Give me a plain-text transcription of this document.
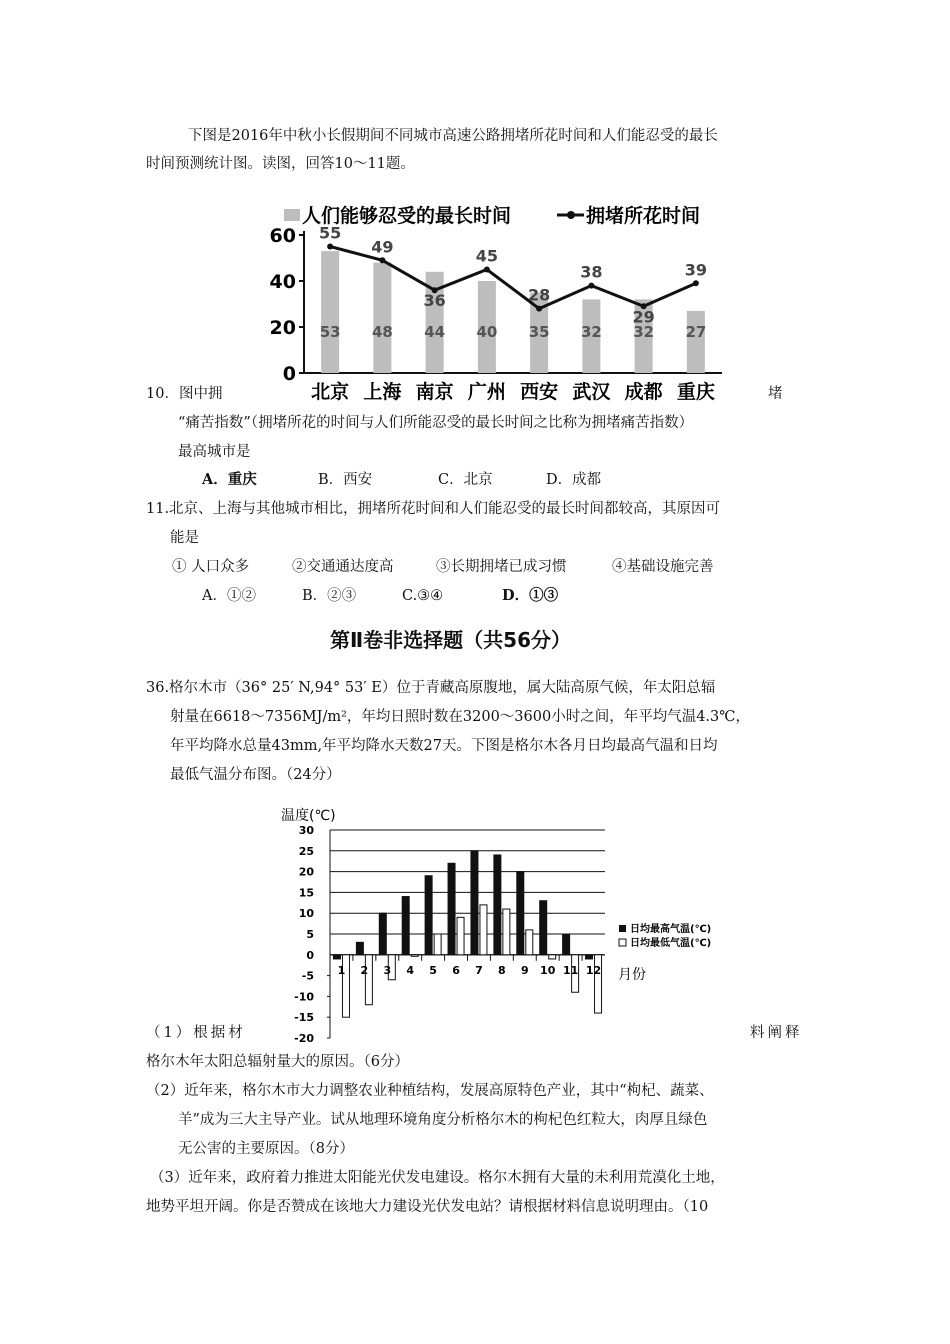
下图是2016年中秋小长假期间不同城市高速公路拥堵所花时间和人们能忍受的最长
时间预测统计图。读图，回答10～11题。
人们能够忍受的最长时间	拥堵所花时间
0
20
40
60
53
北京
48
上海
44
南京
40
广州
35
西安
32
武汉
32
成都
27
重庆
55
49
36
45
28
38
29
39
10．图中拥	堵
“痛苦指数”（拥堵所花的时间与人们所能忍受的最长时间之比称为拥堵痛苦指数）
最高城市是
A．重庆	B．西安	C．北京	D．成都
11.北京、上海与其他城市相比，拥堵所花时间和人们能忍受的最长时间都较高，其原因可
能是
① 人口众多	②交通通达度高	③长期拥堵已成习惯	④基础设施完善
A．①②	B．②③	C.③④	D．①③
第Ⅱ卷非选择题（共56分）
36.格尔木市（36° 25′ N,94° 53′ E）位于青藏高原腹地，属大陆高原气候，年太阳总辐
射量在6618～7356MJ/m²，年均日照时数在3200～3600小时之间，年平均气温4.3℃，
年平均降水总量43mm,年平均降水天数27天。下图是格尔木各月日均最高气温和日均
最低气温分布图。（24分）
温度(℃)
30
25
20
15
10
5
0
-5
-10
-15
-20
1 2 3 4 5 6 7 8 9 10 11 12
日均最高气温(℃)
日均最低气温(℃)
月份
（1）根据材	料阐释
格尔木年太阳总辐射量大的原因。（6分）
（2）近年来，格尔木市大力调整农业种植结构，发展高原特色产业，其中“枸杞、蔬菜、
羊”成为三大主导产业。试从地理环境角度分析格尔木的枸杞色红粒大，肉厚且绿色
无公害的主要原因。（8分）
（3）近年来，政府着力推进太阳能光伏发电建设。格尔木拥有大量的未利用荒漠化土地，
地势平坦开阔。你是否赞成在该地大力建设光伏发电站？请根据材料信息说明理由。（10
